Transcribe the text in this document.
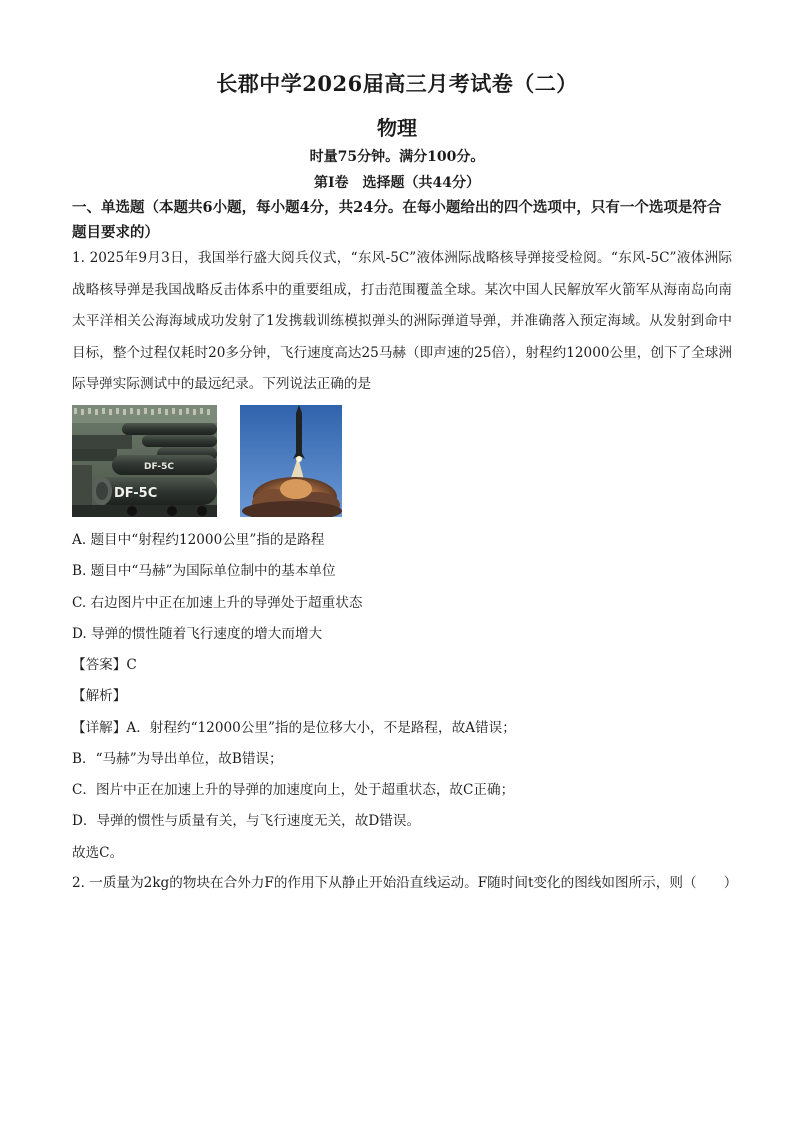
长郡中学2026届高三月考试卷（二）
物理
时量75分钟。满分100分。
第I卷　选择题（共44分）
一、单选题（本题共6小题，每小题4分，共24分。在每小题给出的四个选项中，只有一个选项是符合题目要求的）
1. 2025年9月3日，我国举行盛大阅兵仪式，“东风-5C”液体洲际战略核导弹接受检阅。“东风-5C”液体洲际战略核导弹是我国战略反击体系中的重要组成，打击范围覆盖全球。某次中国人民解放军火箭军从海南岛向南太平洋相关公海海域成功发射了1发携载训练模拟弹头的洲际弹道导弹，并准确落入预定海域。从发射到命中目标，整个过程仅耗时20多分钟，飞行速度高达25马赫（即声速的25倍），射程约12000公里，创下了全球洲际导弹实际测试中的最远纪录。下列说法正确的是
DF-5C
DF-5C
A. 题目中“射程约12000公里”指的是路程
B. 题目中“马赫”为国际单位制中的基本单位
C. 右边图片中正在加速上升的导弹处于超重状态
D. 导弹的惯性随着飞行速度的增大而增大
【答案】C
【解析】
【详解】A．射程约“12000公里”指的是位移大小，不是路程，故A错误；
B．“马赫”为导出单位，故B错误；
C．图片中正在加速上升的导弹的加速度向上，处于超重状态，故C正确；
D．导弹的惯性与质量有关，与飞行速度无关，故D错误。
故选C。
2. 一质量为2kg的物块在合外力F的作用下从静止开始沿直线运动。F随时间t变化的图线如图所示，则（　　）
